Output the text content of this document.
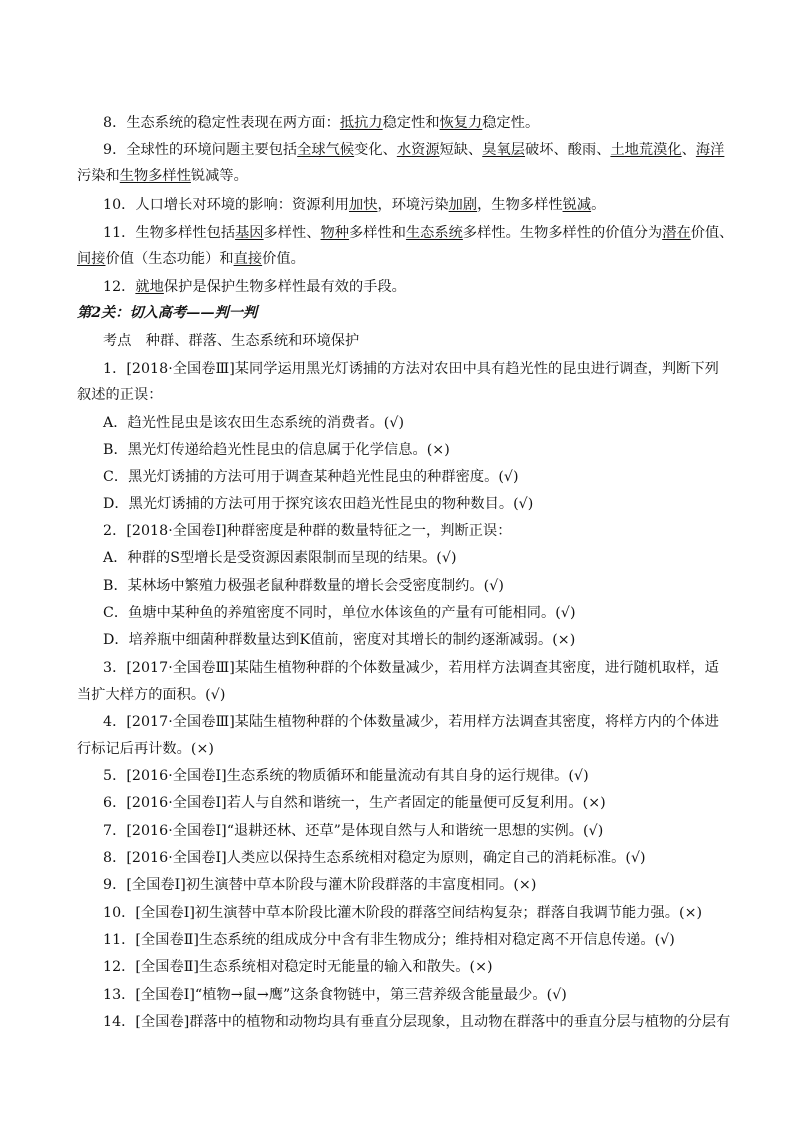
8．生态系统的稳定性表现在两方面：抵抗力稳定性和恢复力稳定性。
9．全球性的环境问题主要包括全球气候变化、水资源短缺、臭氧层破坏、酸雨、土地荒漠化、海洋
污染和生物多样性锐减等。
10．人口增长对环境的影响：资源利用加快，环境污染加剧，生物多样性锐减。
11．生物多样性包括基因多样性、物种多样性和生态系统多样性。生物多样性的价值分为潜在价值、
间接价值（生态功能）和直接价值。
12．就地保护是保护生物多样性最有效的手段。
第2关：切入高考——判一判
考点　种群、群落、生态系统和环境保护
1．[2018·全国卷Ⅲ]某同学运用黑光灯诱捕的方法对农田中具有趋光性的昆虫进行调查，判断下列
叙述的正误：
A．趋光性昆虫是该农田生态系统的消费者。(√)
B．黑光灯传递给趋光性昆虫的信息属于化学信息。(×)
C．黑光灯诱捕的方法可用于调查某种趋光性昆虫的种群密度。(√)
D．黑光灯诱捕的方法可用于探究该农田趋光性昆虫的物种数目。(√)
2．[2018·全国卷Ⅰ]种群密度是种群的数量特征之一，判断正误：
A．种群的S型增长是受资源因素限制而呈现的结果。(√)
B．某林场中繁殖力极强老鼠种群数量的增长会受密度制约。(√)
C．鱼塘中某种鱼的养殖密度不同时，单位水体该鱼的产量有可能相同。(√)
D．培养瓶中细菌种群数量达到K值前，密度对其增长的制约逐渐减弱。(×)
3．[2017·全国卷Ⅲ]某陆生植物种群的个体数量减少，若用样方法调查其密度，进行随机取样，适
当扩大样方的面积。(√)
4．[2017·全国卷Ⅲ]某陆生植物种群的个体数量减少，若用样方法调查其密度，将样方内的个体进
行标记后再计数。(×)
5．[2016·全国卷Ⅰ]生态系统的物质循环和能量流动有其自身的运行规律。(√)
6．[2016·全国卷Ⅰ]若人与自然和谐统一，生产者固定的能量便可反复利用。(×)
7．[2016·全国卷Ⅰ]“退耕还林、还草”是体现自然与人和谐统一思想的实例。(√)
8．[2016·全国卷Ⅰ]人类应以保持生态系统相对稳定为原则，确定自己的消耗标准。(√)
9．[全国卷Ⅰ]初生演替中草本阶段与灌木阶段群落的丰富度相同。(×)
10．[全国卷Ⅰ]初生演替中草本阶段比灌木阶段的群落空间结构复杂；群落自我调节能力强。(×)
11．[全国卷Ⅱ]生态系统的组成成分中含有非生物成分；维持相对稳定离不开信息传递。(√)
12．[全国卷Ⅱ]生态系统相对稳定时无能量的输入和散失。(×)
13．[全国卷Ⅰ]“植物→鼠→鹰”这条食物链中，第三营养级含能量最少。(√)
14．[全国卷]群落中的植物和动物均具有垂直分层现象，且动物在群落中的垂直分层与植物的分层有
